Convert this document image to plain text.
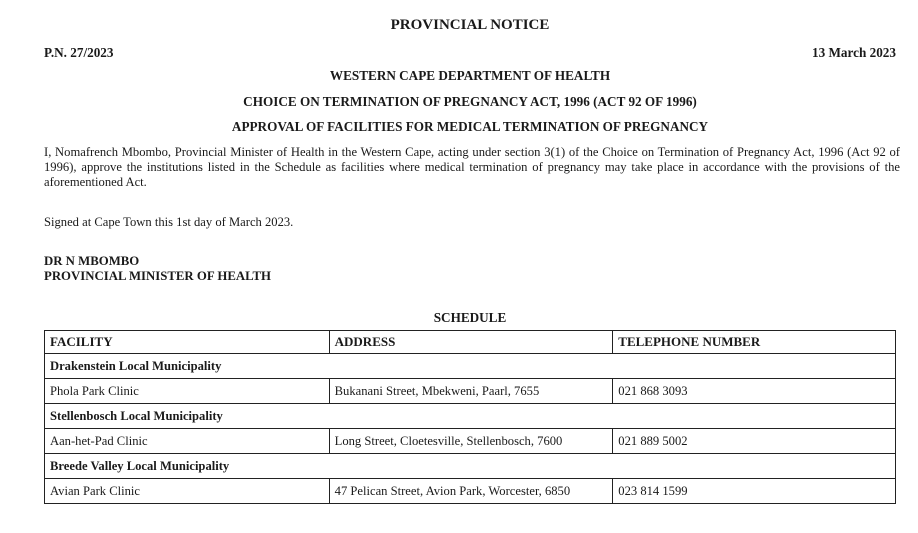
PROVINCIAL NOTICE
P.N. 27/2023	13 March 2023
WESTERN CAPE DEPARTMENT OF HEALTH
CHOICE ON TERMINATION OF PREGNANCY ACT, 1996 (ACT 92 OF 1996)
APPROVAL OF FACILITIES FOR MEDICAL TERMINATION OF PREGNANCY
I, Nomafrench Mbombo, Provincial Minister of Health in the Western Cape, acting under section 3(1) of the Choice on Termination of Pregnancy Act, 1996 (Act 92 of 1996), approve the institutions listed in the Schedule as facilities where medical termination of pregnancy may take place in accordance with the provisions of the aforementioned Act.
Signed at Cape Town this 1st day of March 2023.
DR N MBOMBO
PROVINCIAL MINISTER OF HEALTH
SCHEDULE
FACILITY	ADDRESS	TELEPHONE NUMBER
Drakenstein Local Municipality		
Phola Park Clinic	Bukanani Street, Mbekweni, Paarl, 7655	021 868 3093
Stellenbosch Local Municipality		
Aan-het-Pad Clinic	Long Street, Cloetesville, Stellenbosch, 7600	021 889 5002
Breede Valley Local Municipality		
Avian Park Clinic	47 Pelican Street, Avion Park, Worcester, 6850	023 814 1599
